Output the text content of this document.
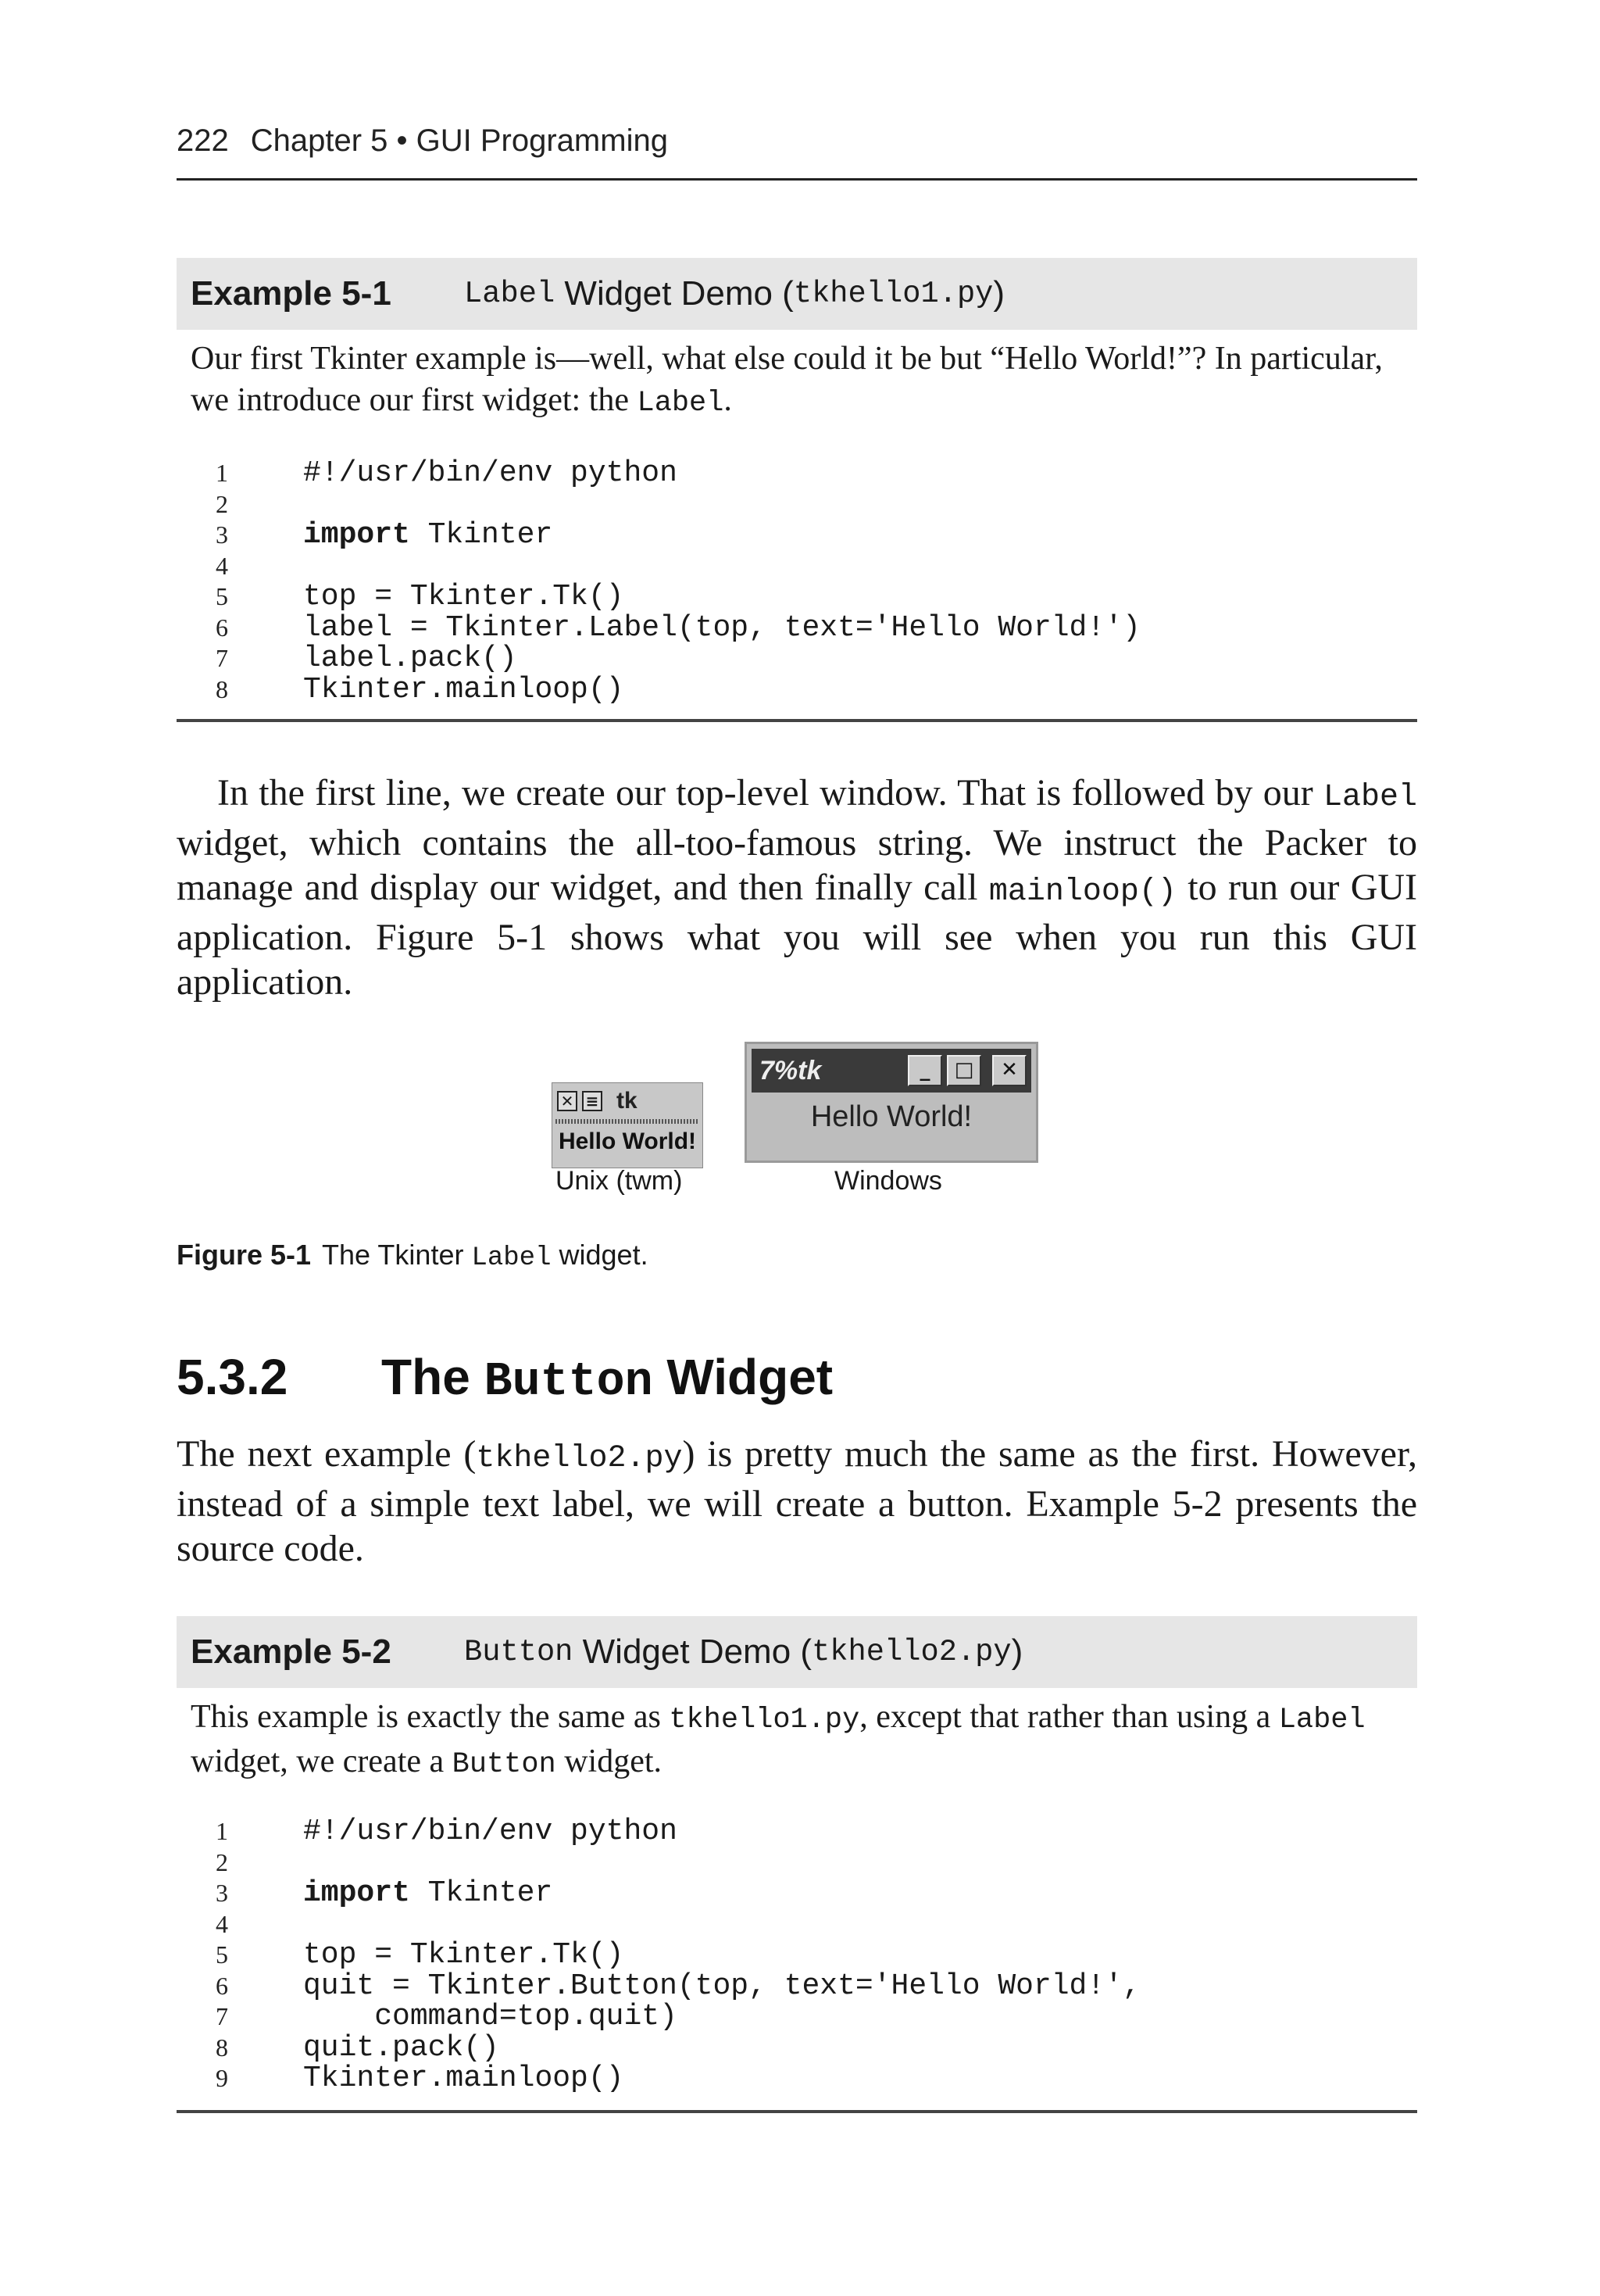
222 Chapter 5 • GUI Programming
Example 5-1	Label Widget Demo ( tkhello1.py )
Our first Tkinter example is—well, what else could it be but “Hello World!”? In particular, we introduce our first widget: the Label.
1	#!/usr/bin/env python
2
3	import Tkinter
4
5	top = Tkinter.Tk()
6	label = Tkinter.Label(top, text='Hello World!')
7	label.pack()
8	Tkinter.mainloop()
In the first line, we create our top-level window. That is followed by our Label widget, which contains the all-too-famous string. We instruct the Packer to manage and display our widget, and then finally call mainloop() to run our GUI application. Figure 5-1 shows what you will see when you run this GUI application.
✕ ≡ tk
Hello World!
7%tk	_	□	✕
Hello World!
Unix (twm)	Windows
Figure 5-1 The Tkinter Label widget.
5.3.2 The Button Widget
The next example (tkhello2.py) is pretty much the same as the first. However, instead of a simple text label, we will create a button. Example 5-2 presents the source code.
Example 5-2	Button Widget Demo ( tkhello2.py )
This example is exactly the same as tkhello1.py, except that rather than using a Label widget, we create a Button widget.
1	#!/usr/bin/env python
2
3	import Tkinter
4
5	top = Tkinter.Tk()
6	quit = Tkinter.Button(top, text='Hello World!',
7	command=top.quit)
8	quit.pack()
9	Tkinter.mainloop()
